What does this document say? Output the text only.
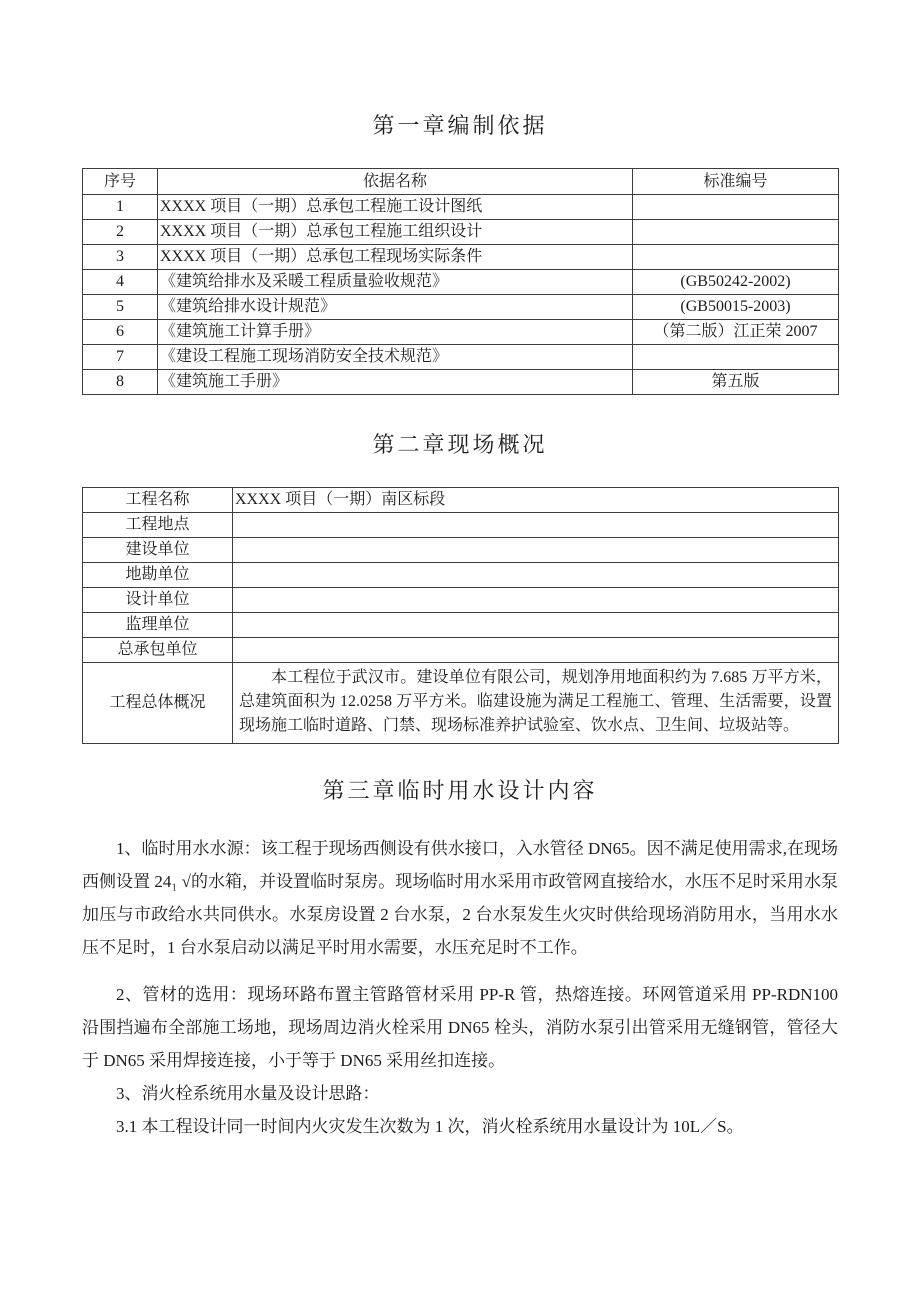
第一章编制依据
序号	依据名称	标准编号
1	XXXX 项目（一期）总承包工程施工设计图纸	
2	XXXX 项目（一期）总承包工程施工组织设计	
3	XXXX 项目（一期）总承包工程现场实际条件	
4	《建筑给排水及采暖工程质量验收规范》	(GB50242-2002)
5	《建筑给排水设计规范》	(GB50015-2003)
6	《建筑施工计算手册》	（第二版）江正荣 2007
7	《建设工程施工现场消防安全技术规范》	
8	《建筑施工手册》	第五版
第二章现场概况
工程名称	XXXX 项目（一期）南区标段
工程地点	
建设单位	
地勘单位	
设计单位	
监理单位	
总承包单位	
工程总体概况	本工程位于武汉市。建设单位有限公司，规划净用地面积约为 7.685 万平方米，总建筑面积为 12.0258 万平方米。临建设施为满足工程施工、管理、生活需要，设置现场施工临时道路、门禁、现场标准养护试验室、饮水点、卫生间、垃圾站等。

第三章临时用水设计内容

1、临时用水水源：该工程于现场西侧设有供水接口，入水管径 DN65。因不满足使用需求,在现场西侧设置 24₁ √的水箱，并设置临时泵房。现场临时用水采用市政管网直接给水，水压不足时采用水泵加压与市政给水共同供水。水泵房设置 2 台水泵，2 台水泵发生火灾时供给现场消防用水，当用水水压不足时，1 台水泵启动以满足平时用水需要，水压充足时不工作。

2、管材的选用：现场环路布置主管路管材采用 PP-R 管，热熔连接。环网管道采用 PP-RDN100 沿围挡遍布全部施工场地，现场周边消火栓采用 DN65 栓头，消防水泵引出管采用无缝钢管，管径大于 DN65 采用焊接连接，小于等于 DN65 采用丝扣连接。

3、消火栓系统用水量及设计思路：

3.1 本工程设计同一时间内火灾发生次数为 1 次，消火栓系统用水量设计为 10L／S。
